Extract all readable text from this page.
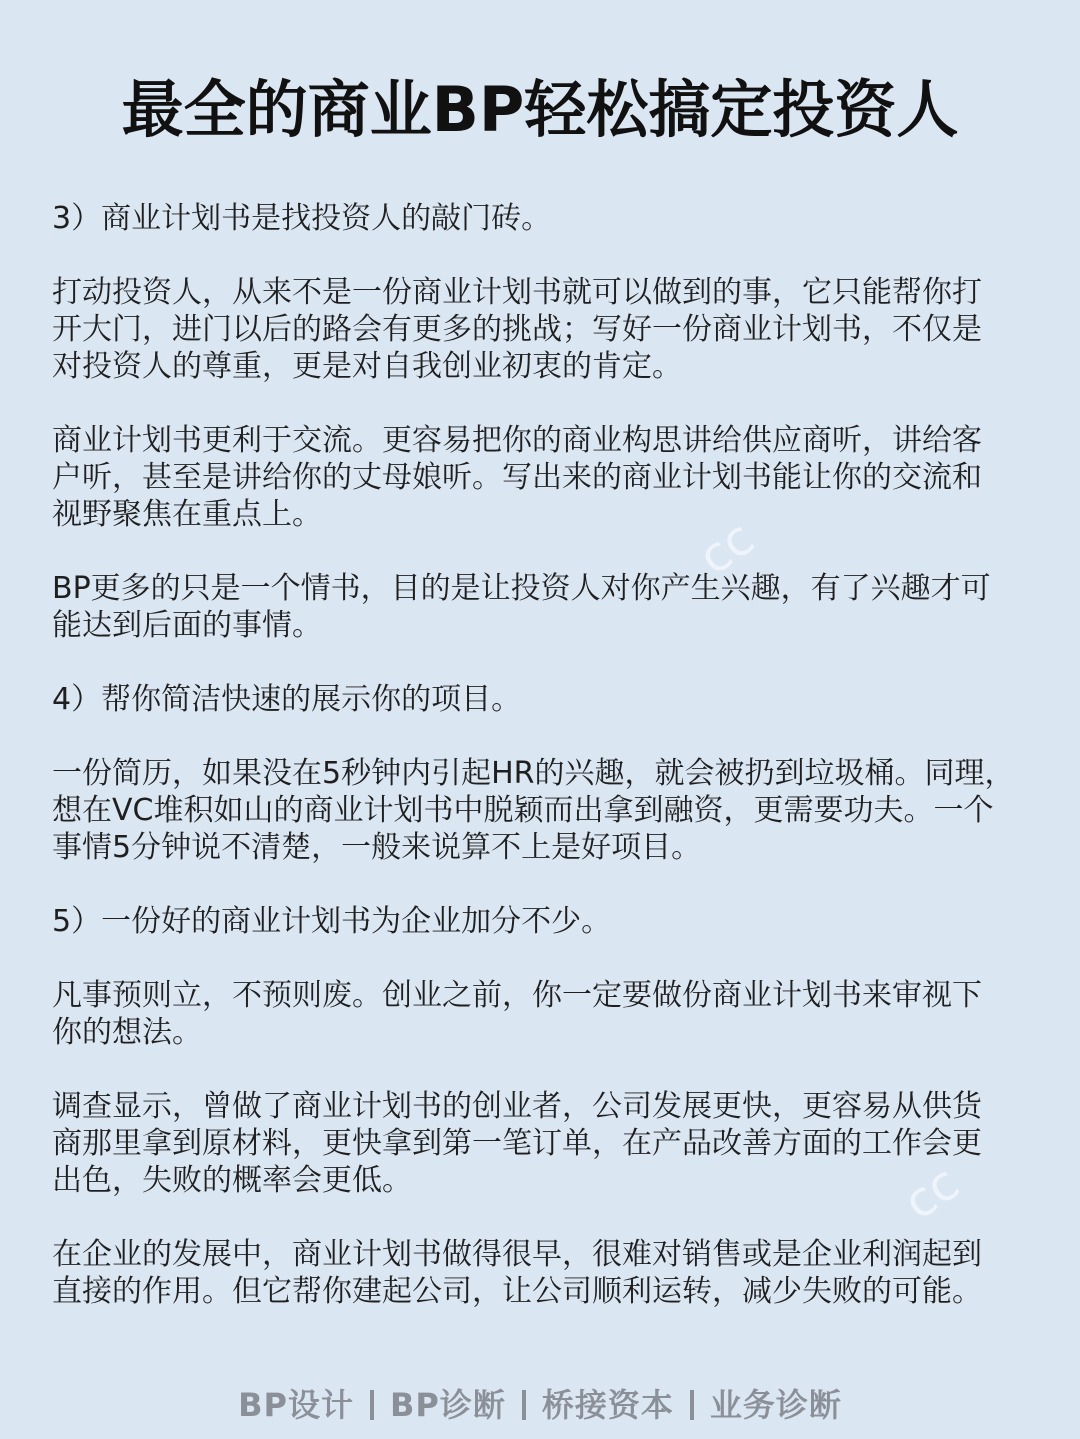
最全的商业BP轻松搞定投资人

3）商业计划书是找投资人的敲门砖。

打动投资人，从来不是一份商业计划书就可以做到的事，它只能帮你打
开大门，进门以后的路会有更多的挑战；写好一份商业计划书，不仅是
对投资人的尊重，更是对自我创业初衷的肯定。

商业计划书更利于交流。更容易把你的商业构思讲给供应商听，讲给客
户听，甚至是讲给你的丈母娘听。写出来的商业计划书能让你的交流和
视野聚焦在重点上。

BP更多的只是一个情书，目的是让投资人对你产生兴趣，有了兴趣才可
能达到后面的事情。

4）帮你简洁快速的展示你的项目。

一份简历，如果没在5秒钟内引起HR的兴趣，就会被扔到垃圾桶。同理，
想在VC堆积如山的商业计划书中脱颖而出拿到融资，更需要功夫。一个
事情5分钟说不清楚，一般来说算不上是好项目。

5）一份好的商业计划书为企业加分不少。

凡事预则立，不预则废。创业之前，你一定要做份商业计划书来审视下
你的想法。

调查显示，曾做了商业计划书的创业者，公司发展更快，更容易从供货
商那里拿到原材料，更快拿到第一笔订单，在产品改善方面的工作会更
出色，失败的概率会更低。

在企业的发展中，商业计划书做得很早，很难对销售或是企业利润起到
直接的作用。但它帮你建起公司，让公司顺利运转，减少失败的可能。

cc
cc
BP设计 BP诊断 桥接资本 业务诊断
